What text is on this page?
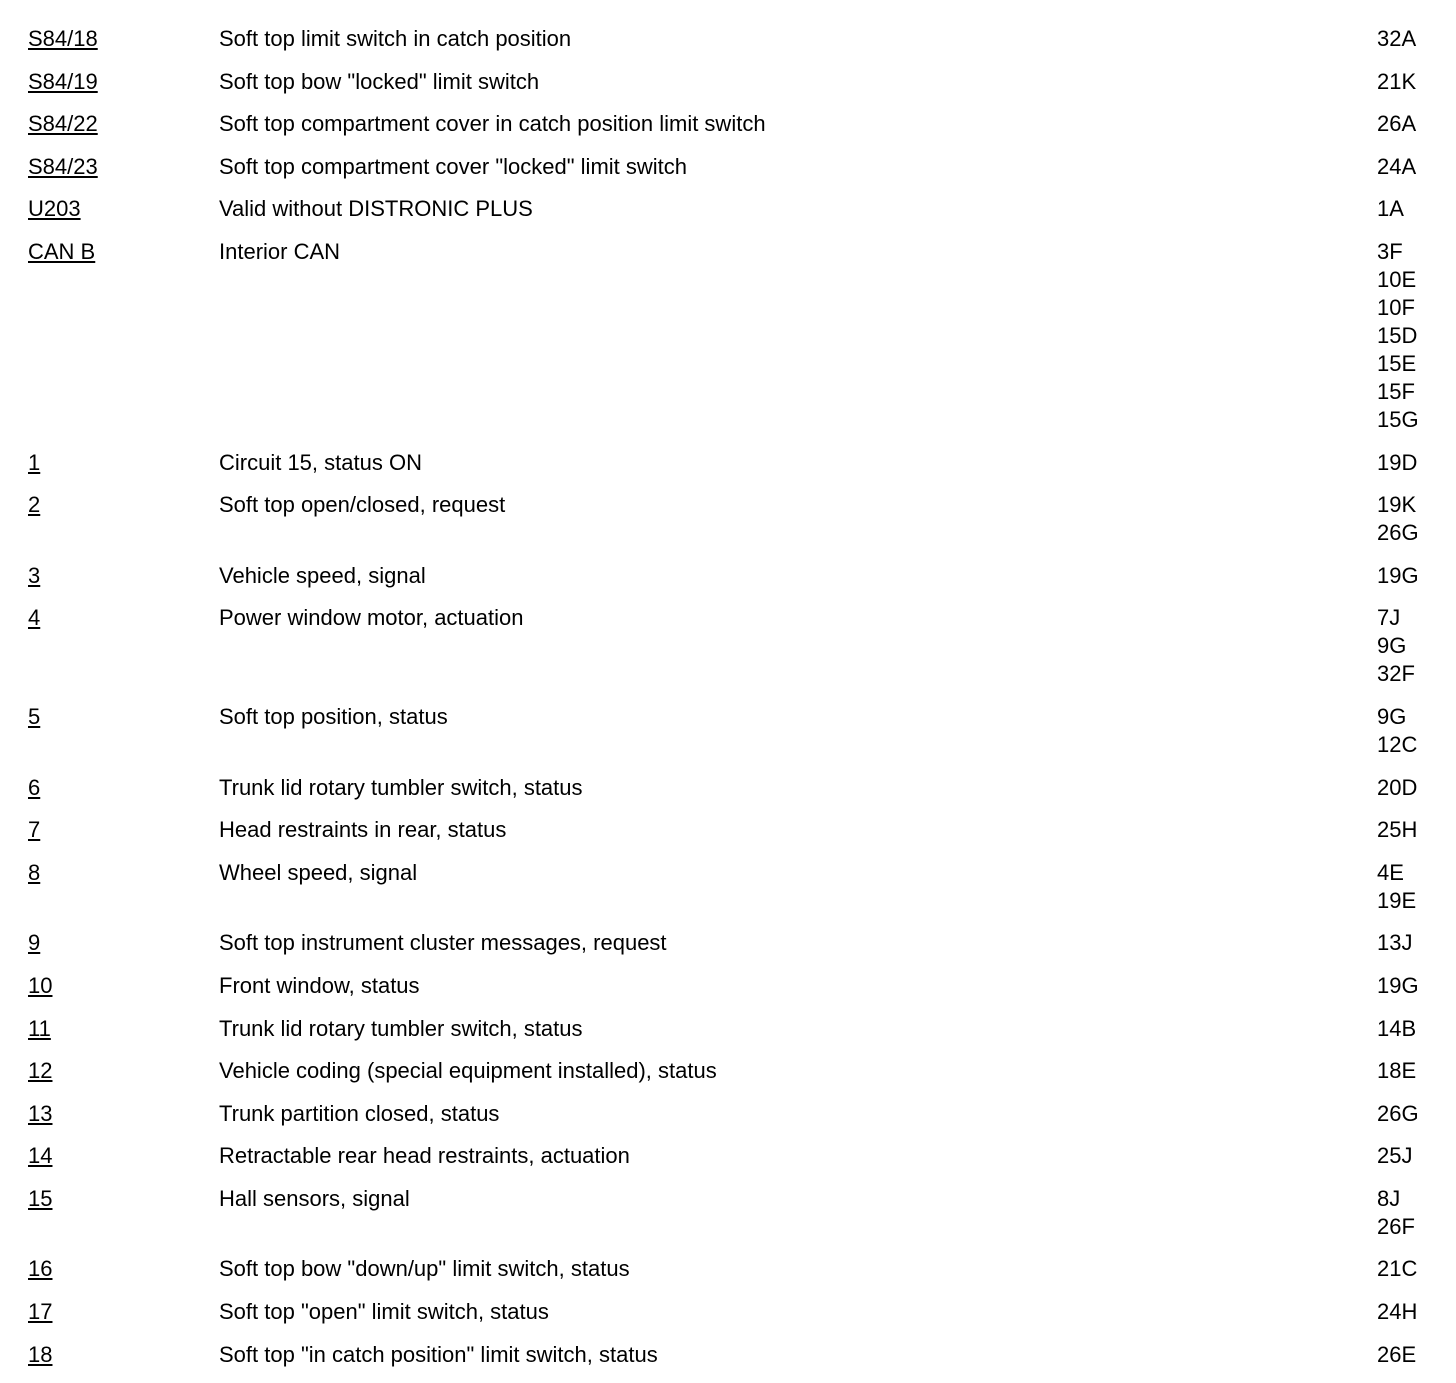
S84/18	Soft top limit switch in catch position	32A
S84/19	Soft top bow "locked" limit switch	21K
S84/22	Soft top compartment cover in catch position limit switch	26A
S84/23	Soft top compartment cover "locked" limit switch	24A
U203	Valid without DISTRONIC PLUS	1A
CAN B	Interior CAN	3F
10E
10F
15D
15E
15F
15G
1	Circuit 15, status ON	19D
2	Soft top open/closed, request	19K
26G
3	Vehicle speed, signal	19G
4	Power window motor, actuation	7J
9G
32F
5	Soft top position, status	9G
12C
6	Trunk lid rotary tumbler switch, status	20D
7	Head restraints in rear, status	25H
8	Wheel speed, signal	4E
19E
9	Soft top instrument cluster messages, request	13J
10	Front window, status	19G
11	Trunk lid rotary tumbler switch, status	14B
12	Vehicle coding (special equipment installed), status	18E
13	Trunk partition closed, status	26G
14	Retractable rear head restraints, actuation	25J
15	Hall sensors, signal	8J
26F
16	Soft top bow "down/up" limit switch, status	21C
17	Soft top "open" limit switch, status	24H
18	Soft top "in catch position" limit switch, status	26E
